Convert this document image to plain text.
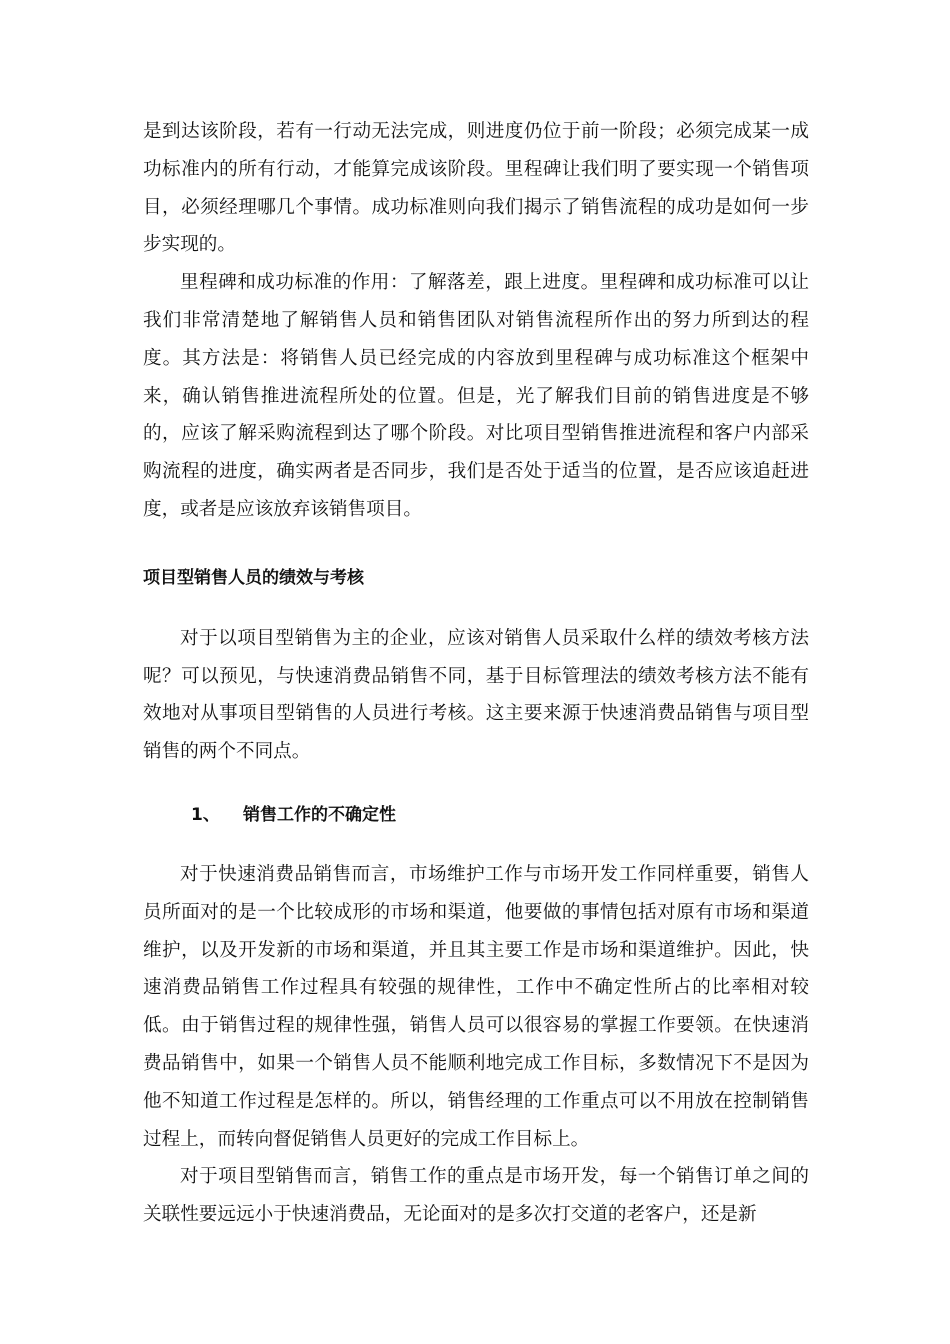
是到达该阶段，若有一行动无法完成，则进度仍位于前一阶段；必须完成某一成功标准内的所有行动，才能算完成该阶段。里程碑让我们明了要实现一个销售项目，必须经理哪几个事情。成功标准则向我们揭示了销售流程的成功是如何一步步实现的。

里程碑和成功标准的作用：了解落差，跟上进度。里程碑和成功标准可以让我们非常清楚地了解销售人员和销售团队对销售流程所作出的努力所到达的程度。其方法是：将销售人员已经完成的内容放到里程碑与成功标准这个框架中来，确认销售推进流程所处的位置。但是，光了解我们目前的销售进度是不够的，应该了解采购流程到达了哪个阶段。对比项目型销售推进流程和客户内部采购流程的进度，确实两者是否同步，我们是否处于适当的位置，是否应该追赶进度，或者是应该放弃该销售项目。

项目型销售人员的绩效与考核

对于以项目型销售为主的企业，应该对销售人员采取什么样的绩效考核方法呢？可以预见，与快速消费品销售不同，基于目标管理法的绩效考核方法不能有效地对从事项目型销售的人员进行考核。这主要来源于快速消费品销售与项目型销售的两个不同点。

1、 销售工作的不确定性

对于快速消费品销售而言，市场维护工作与市场开发工作同样重要，销售人员所面对的是一个比较成形的市场和渠道，他要做的事情包括对原有市场和渠道维护，以及开发新的市场和渠道，并且其主要工作是市场和渠道维护。因此，快速消费品销售工作过程具有较强的规律性，工作中不确定性所占的比率相对较低。由于销售过程的规律性强，销售人员可以很容易的掌握工作要领。在快速消费品销售中，如果一个销售人员不能顺利地完成工作目标，多数情况下不是因为他不知道工作过程是怎样的。所以，销售经理的工作重点可以不用放在控制销售过程上，而转向督促销售人员更好的完成工作目标上。

对于项目型销售而言，销售工作的重点是市场开发，每一个销售订单之间的关联性要远远小于快速消费品，无论面对的是多次打交道的老客户，还是新
